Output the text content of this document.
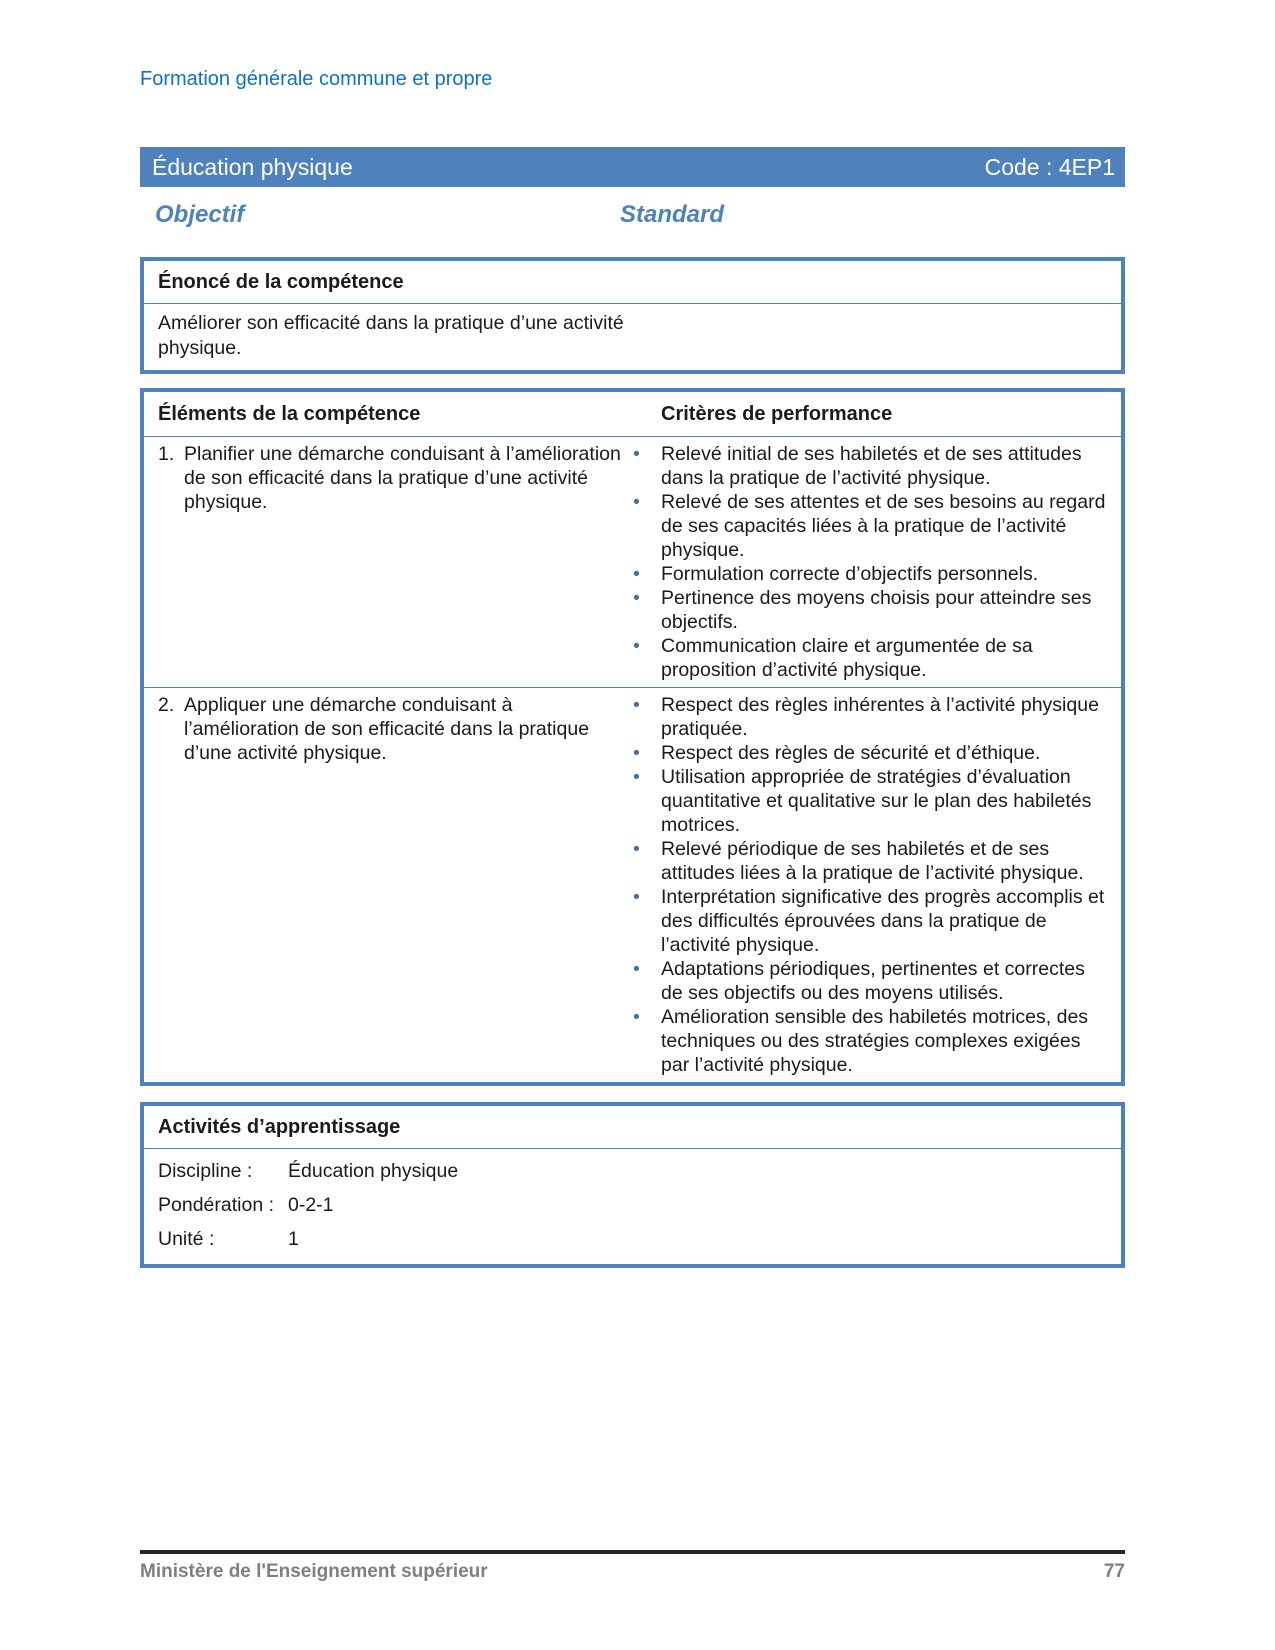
Formation générale commune et propre
Éducation physique	Code : 4EP1
Objectif	Standard
Énoncé de la compétence
Améliorer son efficacité dans la pratique d’une activité physique.
Éléments de la compétence	Critères de performance
1. Planifier une démarche conduisant à l’amélioration de son efficacité dans la pratique d’une activité physique.
•	Relevé initial de ses habiletés et de ses attitudes dans la pratique de l’activité physique.
•	Relevé de ses attentes et de ses besoins au regard de ses capacités liées à la pratique de l’activité physique.
•	Formulation correcte d’objectifs personnels.
•	Pertinence des moyens choisis pour atteindre ses objectifs.
•	Communication claire et argumentée de sa proposition d’activité physique.
2. Appliquer une démarche conduisant à l’amélioration de son efficacité dans la pratique d’une activité physique.
•	Respect des règles inhérentes à l’activité physique pratiquée.
•	Respect des règles de sécurité et d’éthique.
•	Utilisation appropriée de stratégies d’évaluation quantitative et qualitative sur le plan des habiletés motrices.
•	Relevé périodique de ses habiletés et de ses attitudes liées à la pratique de l’activité physique.
•	Interprétation significative des progrès accomplis et des difficultés éprouvées dans la pratique de l’activité physique.
•	Adaptations périodiques, pertinentes et correctes de ses objectifs ou des moyens utilisés.
•	Amélioration sensible des habiletés motrices, des techniques ou des stratégies complexes exigées par l’activité physique.
Activités d’apprentissage
Discipline :	Éducation physique
Pondération : 0-2-1
Unité :	1
Ministère de l'Enseignement supérieur	77
